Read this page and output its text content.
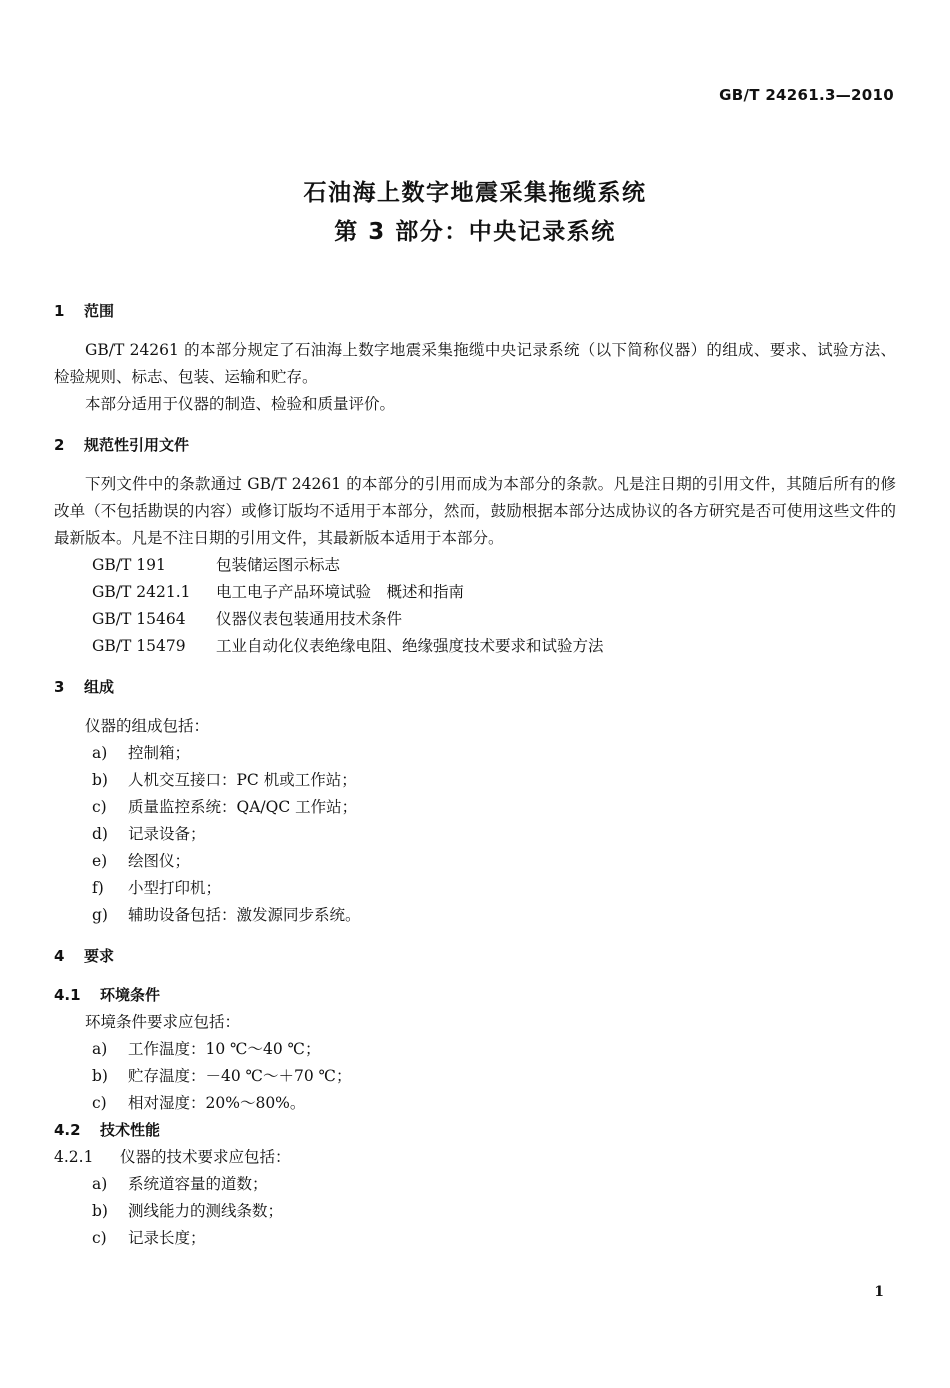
GB/T 24261.3—2010
石油海上数字地震采集拖缆系统
第 3 部分：中央记录系统

1 范围

GB/T 24261 的本部分规定了石油海上数字地震采集拖缆中央记录系统（以下简称仪器）的组成、要求、试验方法、检验规则、标志、包装、运输和贮存。

本部分适用于仪器的制造、检验和质量评价。

2 规范性引用文件

下列文件中的条款通过 GB/T 24261 的本部分的引用而成为本部分的条款。凡是注日期的引用文件，其随后所有的修改单（不包括勘误的内容）或修订版均不适用于本部分，然而，鼓励根据本部分达成协议的各方研究是否可使用这些文件的最新版本。凡是不注日期的引用文件，其最新版本适用于本部分。

GB/T 191	包装储运图示标志

GB/T 2421.1 电工电子产品环境试验　概述和指南

GB/T 15464 仪器仪表包装通用技术条件

GB/T 15479 工业自动化仪表绝缘电阻、绝缘强度技术要求和试验方法

3 组成

仪器的组成包括：

a) 控制箱；

b) 人机交互接口：PC 机或工作站；

c) 质量监控系统：QA/QC 工作站；

d) 记录设备；

e) 绘图仪；

f) 小型打印机；

g) 辅助设备包括：激发源同步系统。

4 要求

4.1 环境条件

环境条件要求应包括：

a) 工作温度：10 ℃～40 ℃；

b) 贮存温度：－40 ℃～＋70 ℃；

c) 相对湿度：20%～80%。

4.2 技术性能

4.2.1 仪器的技术要求应包括：

a) 系统道容量的道数；

b) 测线能力的测线条数；

c) 记录长度；

1
